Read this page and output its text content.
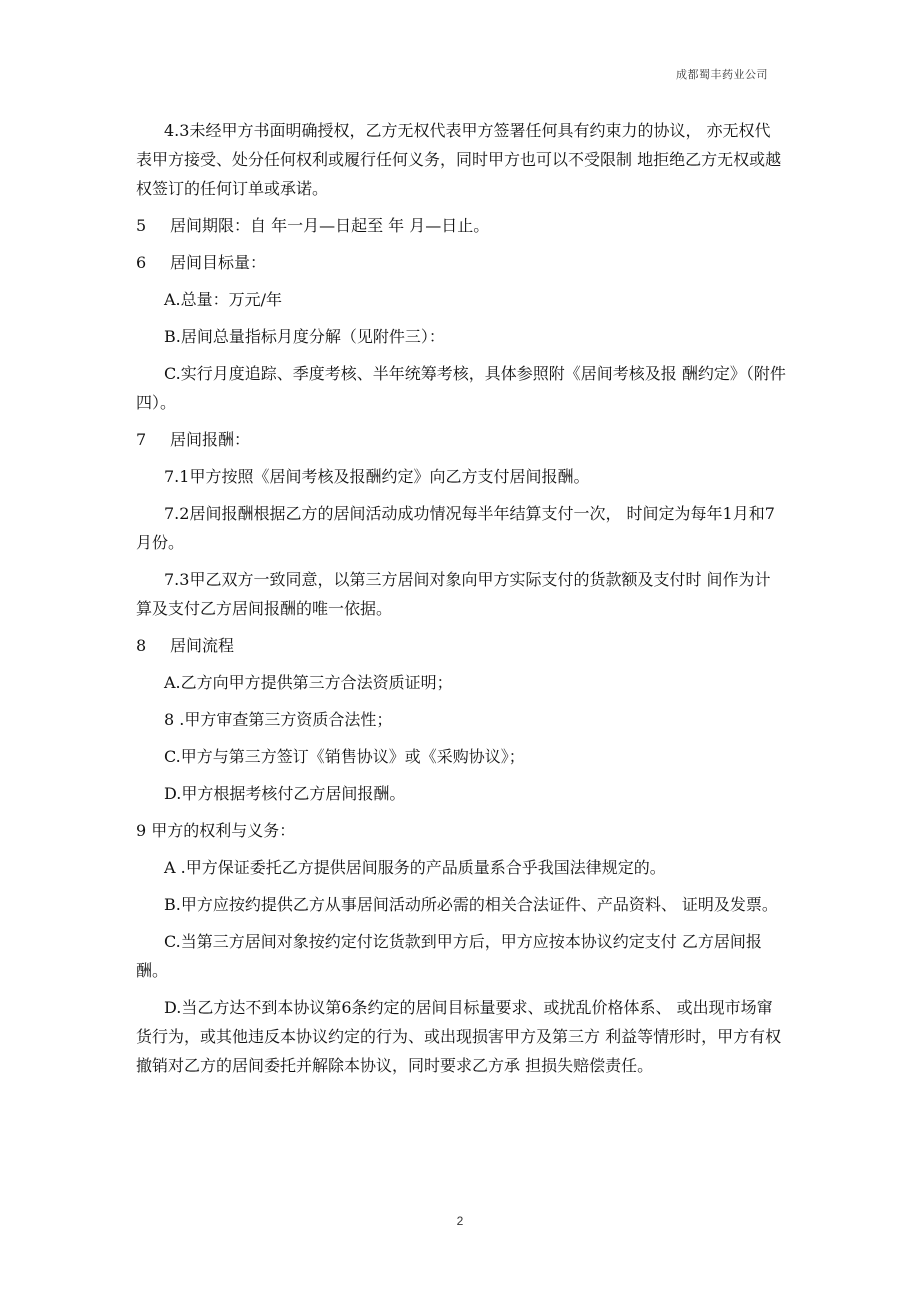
成都蜀丰药业公司

4.3未经甲方书面明确授权，乙方无权代表甲方签署任何具有约束力的协议， 亦无权代表甲方接受、处分任何权利或履行任何义务，同时甲方也可以不受限制 地拒绝乙方无权或越权签订的任何订单或承诺。

5 居间期限：自 年一月—日起至 年 月—日止。

6 居间目标量：

A.总量：万元/年

B.居间总量指标月度分解（见附件三）：

C.实行月度追踪、季度考核、半年统筹考核，具体参照附《居间考核及报 酬约定》（附件四）。

7 居间报酬：

7.1甲方按照《居间考核及报酬约定》向乙方支付居间报酬。

7.2居间报酬根据乙方的居间活动成功情况每半年结算支付一次， 时间定为每年1月和7月份。

7.3甲乙双方一致同意，以第三方居间对象向甲方实际支付的货款额及支付时 间作为计算及支付乙方居间报酬的唯一依据。

8 居间流程

A.乙方向甲方提供第三方合法资质证明；

8 .甲方审查第三方资质合法性；

C.甲方与第三方签订《销售协议》或《采购协议》；

D.甲方根据考核付乙方居间报酬。

9 甲方的权利与义务：

A .甲方保证委托乙方提供居间服务的产品质量系合乎我国法律规定的。

B.甲方应按约提供乙方从事居间活动所必需的相关合法证件、产品资料、 证明及发票。

C.当第三方居间对象按约定付讫货款到甲方后，甲方应按本协议约定支付 乙方居间报酬。

D.当乙方达不到本协议第6条约定的居间目标量要求、或扰乱价格体系、 或出现市场窜货行为，或其他违反本协议约定的行为、或出现损害甲方及第三方 利益等情形时，甲方有权撤销对乙方的居间委托并解除本协议，同时要求乙方承 担损失赔偿责任。

2
